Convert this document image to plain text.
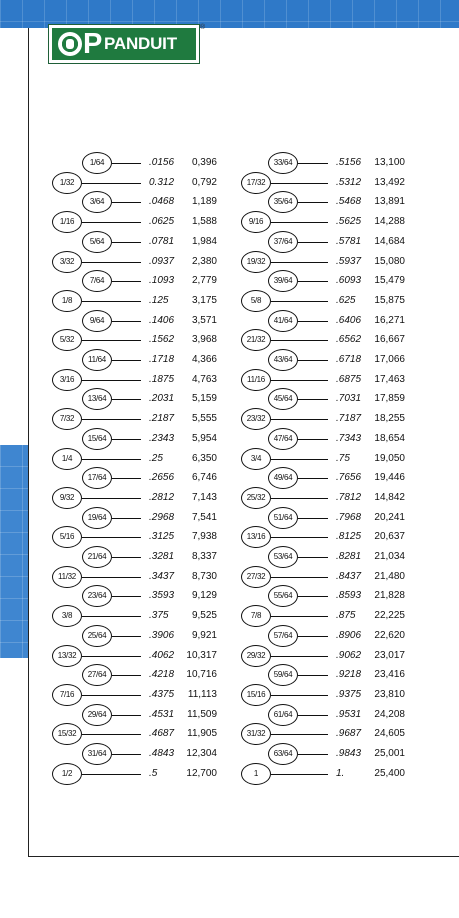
P PANDUIT
®
1/64	.0156	0,396
1/32	0.312	0,792
3/64	.0468	1,189
1/16	.0625	1,588
5/64	.0781	1,984
3/32	.0937	2,380
7/64	.1093	2,779
1/8	.125	3,175
9/64	.1406	3,571
5/32	.1562	3,968
11/64	.1718	4,366
3/16	.1875	4,763
13/64	.2031	5,159
7/32	.2187	5,555
15/64	.2343	5,954
1/4	.25	6,350
17/64	.2656	6,746
9/32	.2812	7,143
19/64	.2968	7,541
5/16	.3125	7,938
21/64	.3281	8,337
11/32	.3437	8,730
23/64	.3593	9,129
3/8	.375	9,525
25/64	.3906	9,921
13/32	.4062	10,317
27/64	.4218	10,716
7/16	.4375	11,113
29/64	.4531	11,509
15/32	.4687	11,905
31/64	.4843	12,304
1/2	.5	12,700
33/64	.5156	13,100
17/32	.5312	13,492
35/64	.5468	13,891
9/16	.5625	14,288
37/64	.5781	14,684
19/32	.5937	15,080
39/64	.6093	15,479
5/8	.625	15,875
41/64	.6406	16,271
21/32	.6562	16,667
43/64	.6718	17,066
11/16	.6875	17,463
45/64	.7031	17,859
23/32	.7187	18,255
47/64	.7343	18,654
3/4	.75	19,050
49/64	.7656	19,446
25/32	.7812	14,842
51/64	.7968	20,241
13/16	.8125	20,637
53/64	.8281	21,034
27/32	.8437	21,480
55/64	.8593	21,828
7/8	.875	22,225
57/64	.8906	22,620
29/32	.9062	23,017
59/64	.9218	23,416
15/16	.9375	23,810
61/64	.9531	24,208
31/32	.9687	24,605
63/64	.9843	25,001
1	1.	25,400
